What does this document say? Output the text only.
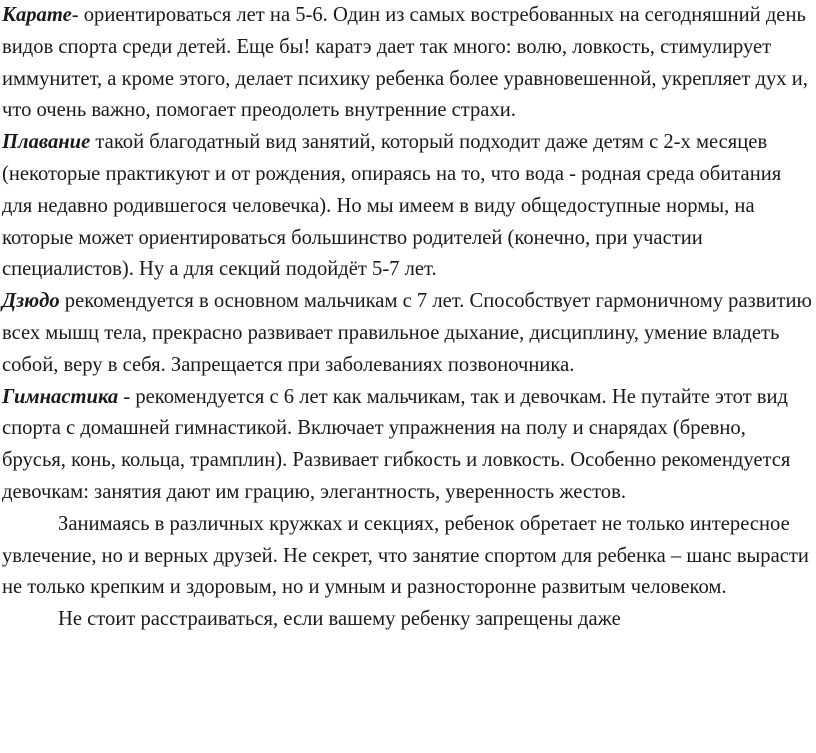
Карате- ориентироваться лет на 5-6. Один из самых востребованных на сегодняшний день видов спорта среди детей. Еще бы! каратэ дает так много: волю, ловкость, стимулирует иммунитет, а кроме этого, делает психику ребенка более уравновешенной, укрепляет дух и, что очень важно, помогает преодолеть внутренние страхи.

Плавание такой благодатный вид занятий, который подходит даже детям с 2-х месяцев (некоторые практикуют и от рождения, опираясь на то, что вода - родная среда обитания для недавно родившегося человечка). Но мы имеем в виду общедоступные нормы, на которые может ориентироваться большинство родителей (конечно, при участии специалистов). Ну а для секций подойдёт 5-7 лет.

Дзюдо рекомендуется в основном мальчикам с 7 лет. Способствует гармоничному развитию всех мышц тела, прекрасно развивает правильное дыхание, дисциплину, умение владеть собой, веру в себя. Запрещается при заболеваниях позвоночника.

Гимнастика - рекомендуется с 6 лет как мальчикам, так и девочкам. Не путайте этот вид спорта с домашней гимнастикой. Включает упражнения на полу и снарядах (бревно, брусья, конь, кольца, трамплин). Развивает гибкость и ловкость. Особенно рекомендуется девочкам: занятия дают им грацию, элегантность, уверенность жестов.

Занимаясь в различных кружках и секциях, ребенок обретает не только интересное увлечение, но и верных друзей. Не секрет, что занятие спортом для ребенка – шанс вырасти не только крепким и здоровым, но и умным и разносторонне развитым человеком.

Не стоит расстраиваться, если вашему ребенку запрещены даже
